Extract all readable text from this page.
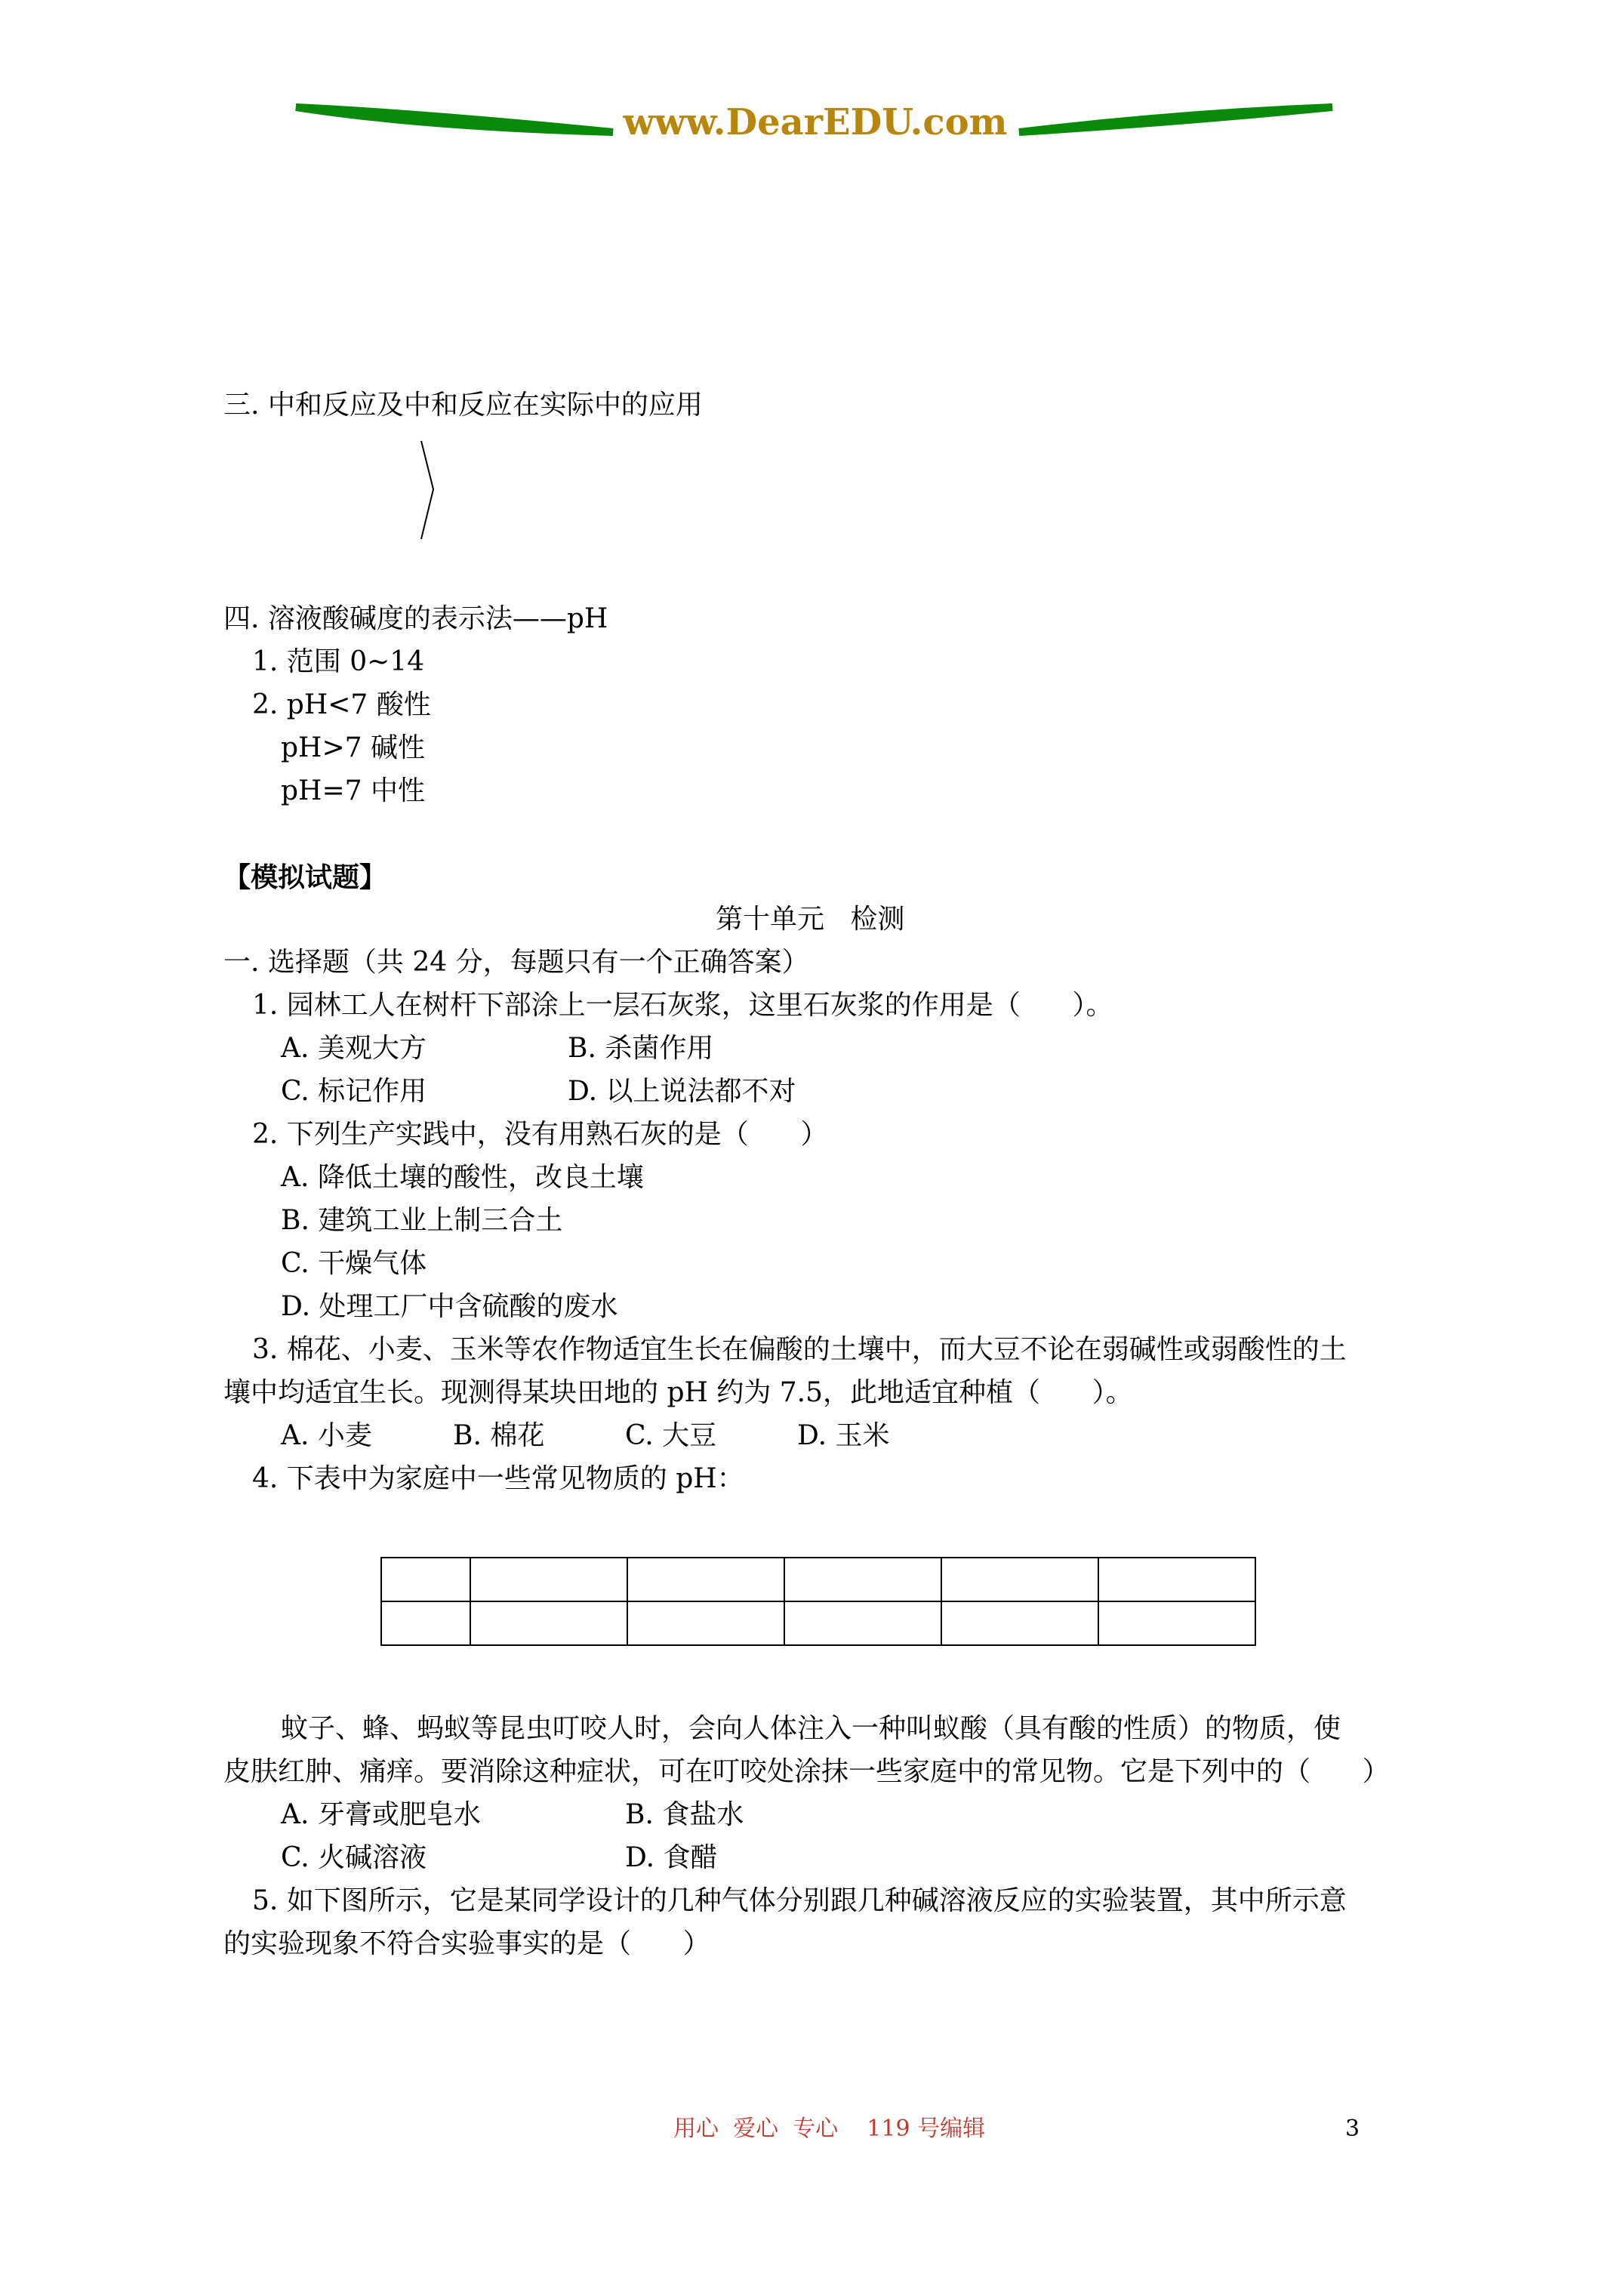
www.DearEDU.com

三. 中和反应及中和反应在实际中的应用

四. 溶液酸碱度的表示法——pH

1. 范围 0~14

2. pH<7 酸性

pH>7 碱性

pH=7 中性

【模拟试题】

第十单元   检测

一. 选择题（共 24 分，每题只有一个正确答案）

1. 园林工人在树杆下部涂上一层石灰浆，这里石灰浆的作用是（      ）。

A. 美观大方	B. 杀菌作用

C. 标记作用	D. 以上说法都不对

2. 下列生产实践中，没有用熟石灰的是（      ）

A. 降低土壤的酸性，改良土壤

B. 建筑工业上制三合土

C. 干燥气体

D. 处理工厂中含硫酸的废水

3. 棉花、小麦、玉米等农作物适宜生长在偏酸的土壤中，而大豆不论在弱碱性或弱酸性的土

壤中均适宜生长。现测得某块田地的 pH 约为 7.5，此地适宜种植（      ）。

A. 小麦	B. 棉花	C. 大豆	D. 玉米

4. 下表中为家庭中一些常见物质的 pH：

蚊子、蜂、蚂蚁等昆虫叮咬人时，会向人体注入一种叫蚁酸（具有酸的性质）的物质，使

皮肤红肿、痛痒。要消除这种症状，可在叮咬处涂抹一些家庭中的常见物。它是下列中的（      ）

A. 牙膏或肥皂水	B. 食盐水

C. 火碱溶液	D. 食醋

5. 如下图所示，它是某同学设计的几种气体分别跟几种碱溶液反应的实验装置，其中所示意

的实验现象不符合实验事实的是（      ）

用心  爱心  专心    119 号编辑	3
